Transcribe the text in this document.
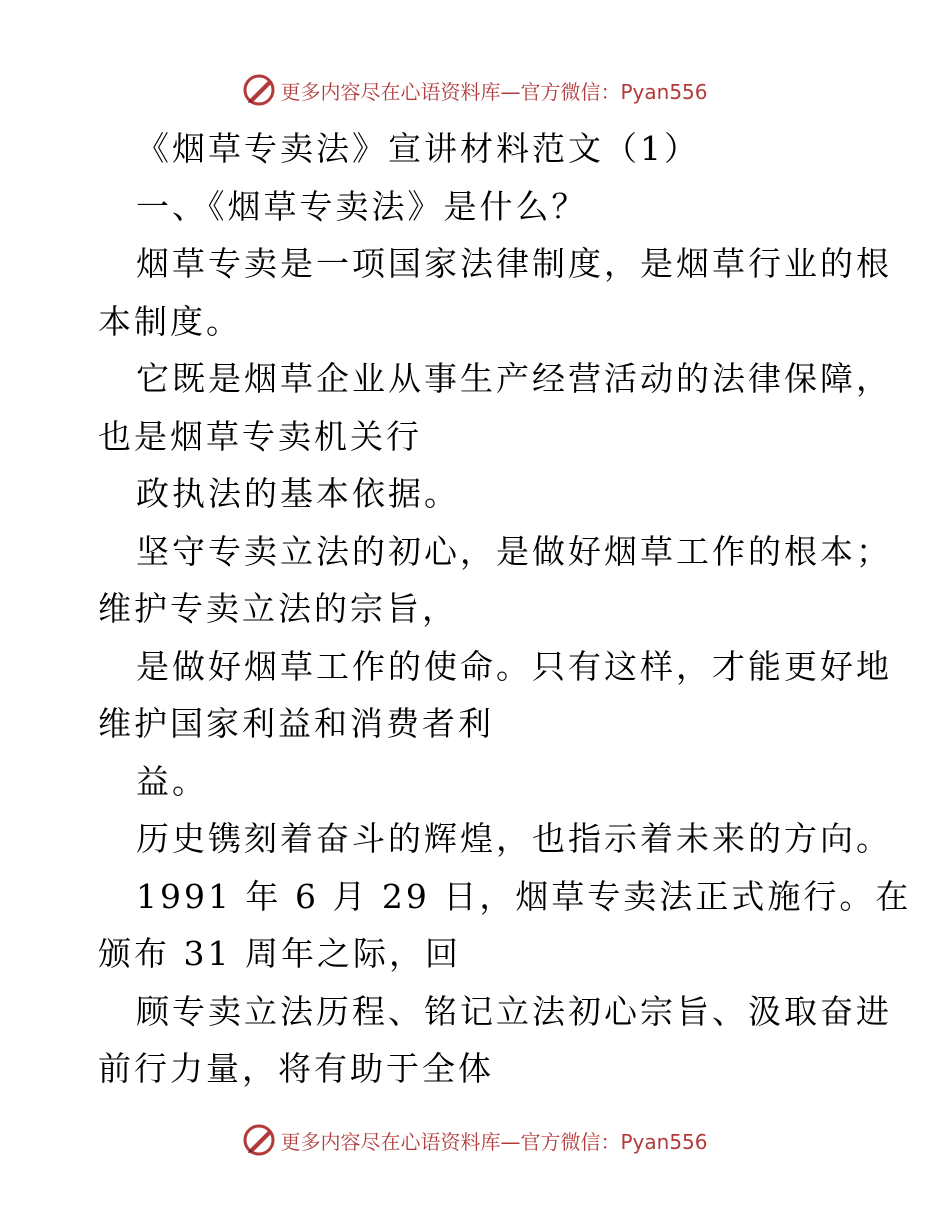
更多内容尽在心语资料库—官方微信：Pyan556

《烟草专卖法》宣讲材料范文（1）

一、《烟草专卖法》是什么？

烟草专卖是一项国家法律制度，是烟草行业的根

本制度。

它既是烟草企业从事生产经营活动的法律保障，

也是烟草专卖机关行

政执法的基本依据。

坚守专卖立法的初心，是做好烟草工作的根本；

维护专卖立法的宗旨，

是做好烟草工作的使命。只有这样，才能更好地

维护国家利益和消费者利

益。

历史镌刻着奋斗的辉煌，也指示着未来的方向。

1991 年 6 月 29 日，烟草专卖法正式施行。在

颁布 31 周年之际，回

顾专卖立法历程、铭记立法初心宗旨、汲取奋进

前行力量，将有助于全体

更多内容尽在心语资料库—官方微信：Pyan556
